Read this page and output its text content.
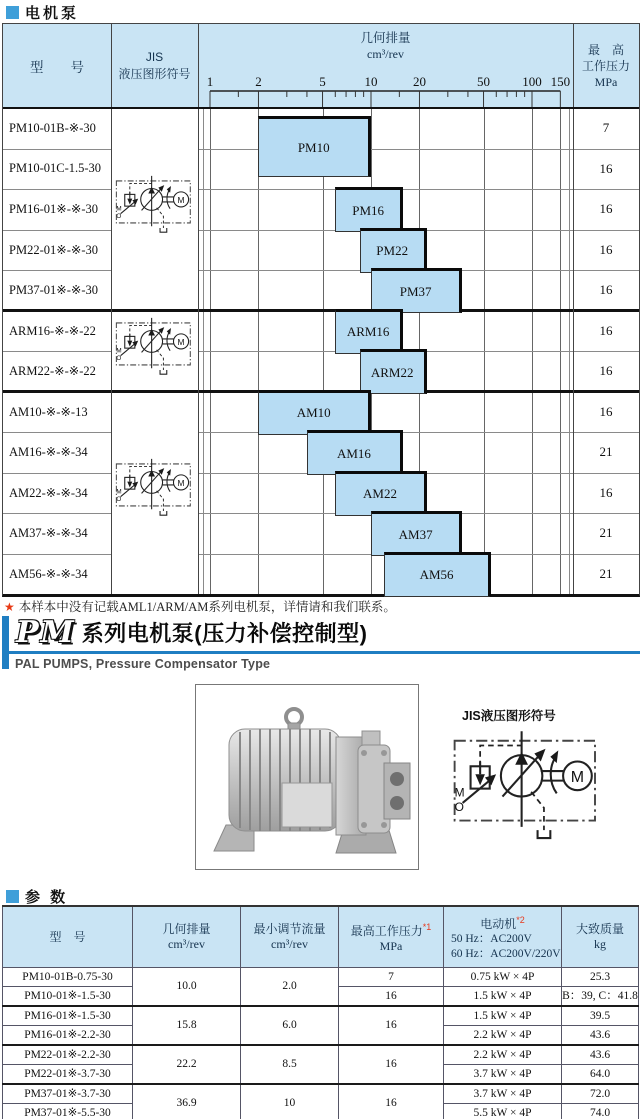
电机泵
型　　号
JIS
液压图形符号
几何排量
cm³/rev	最　高
工作压力
MPa
1	2	5	10	20	50 100 150
PM10-01B-※-30	7
PM10-01C-1.5-30	16
PM16-01※-※-30	16
PM22-01※-※-30	16
PM37-01※-※-30	16
ARM16-※-※-22	16
ARM22-※-※-22	16
AM10-※-※-13	16
AM16-※-※-34	21
AM22-※-※-34	16
AM37-※-※-34	21
AM56-※-※-34	21
PM10
PM16
PM22
PM37
ARM16
ARM22
AM10
AM16
AM22
AM37
AM56
★ 本样本中没有记载AML1/ARM/AM系列电机泵，详情请和我们联系。
PM 系列电机泵(压力补偿控制型)
PAL PUMPS, Pressure Compensator Type
JIS液压图形符号
参 数
型　号

几何排量
cm³/rev

最小调节流量
cm³/rev

最高工作压力$^{*1}$
MPa

电动机$^{*2}$
50 Hz：AC200V
60 Hz：AC200V/220V

大致质量
kg

PM10-01B-0.75-30	10.0	2.0	7	0.75 kW × 4P	25.3
PM10-01※-1.5-30			16	1.5 kW × 4P	B：39, C：41.8
PM16-01※-1.5-30	15.8	6.0	16	1.5 kW × 4P	39.5
PM16-01※-2.2-30				2.2 kW × 4P	43.6
PM22-01※-2.2-30	22.2	8.5	16	2.2 kW × 4P	43.6
PM22-01※-3.7-30				3.7 kW × 4P	64.0
PM37-01※-3.7-30	36.9	10	16	3.7 kW × 4P	72.0
PM37-01※-5.5-30				5.5 kW × 4P	74.0
